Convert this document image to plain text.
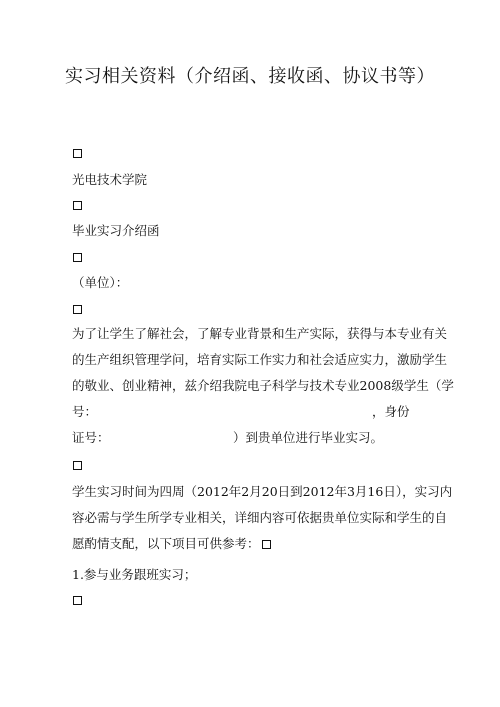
实习相关资料（介绍函、接收函、协议书等）
光电技术学院
毕业实习介绍函
（单位）：
为了让学生了解社会，了解专业背景和生产实际，获得与本专业有关
的生产组织管理学问，培育实际工作实力和社会适应实力，激励学生
的敬业、创业精神，兹介绍我院电子科学与技术专业2008级学生（学
号：	，身份
证号：	）到贵单位进行毕业实习。
学生实习时间为四周（2012年2月20日到2012年3月16日），实习内
容必需与学生所学专业相关，详细内容可依据贵单位实际和学生的自
愿酌情支配，以下项目可供参考：
1.参与业务跟班实习；
